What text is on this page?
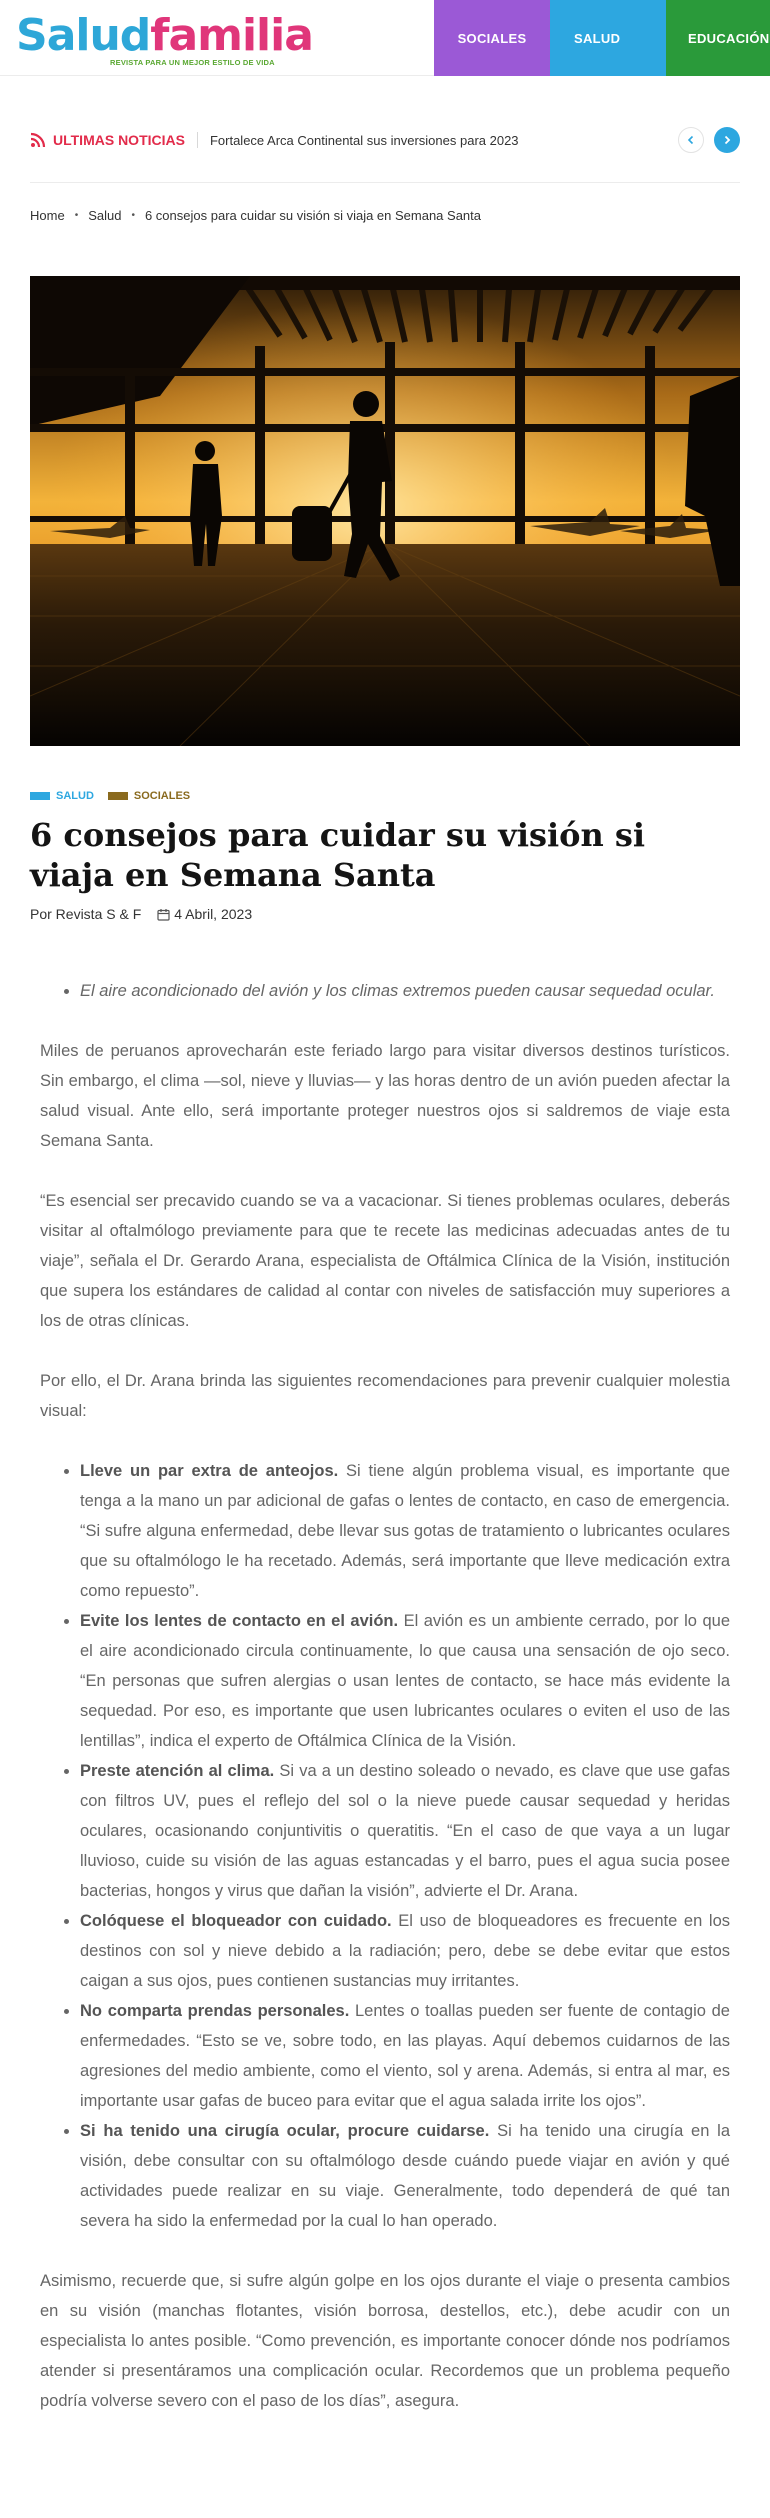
Saludfamilia
REVISTA PARA UN MEJOR ESTILO DE VIDA
SOCIALES	SALUD	EDUCACIÓN
ULTIMAS NOTICIAS Fortalece Arca Continental sus inversiones para 2023
Home • Salud • 6 consejos para cuidar su visión si viaja en Semana Santa
SALUD	SOCIALES
6 consejos para cuidar su visión si viaja en Semana Santa
Por Revista S & F 4 Abril, 2023
• El aire acondicionado del avión y los climas extremos pueden causar sequedad ocular.

Miles de peruanos aprovecharán este feriado largo para visitar diversos destinos turísticos. Sin embargo, el clima —sol, nieve y lluvias— y las horas dentro de un avión pueden afectar la salud visual. Ante ello, será importante proteger nuestros ojos si saldremos de viaje esta Semana Santa.

“Es esencial ser precavido cuando se va a vacacionar. Si tienes problemas oculares, deberás visitar al oftalmólogo previamente para que te recete las medicinas adecuadas antes de tu viaje”, señala el Dr. Gerardo Arana, especialista de Oftálmica Clínica de la Visión, institución que supera los estándares de calidad al contar con niveles de satisfacción muy superiores a los de otras clínicas.

Por ello, el Dr. Arana brinda las siguientes recomendaciones para prevenir cualquier molestia visual:

• Lleve un par extra de anteojos. Si tiene algún problema visual, es importante que tenga a la mano un par adicional de gafas o lentes de contacto, en caso de emergencia. “Si sufre alguna enfermedad, debe llevar sus gotas de tratamiento o lubricantes oculares que su oftalmólogo le ha recetado. Además, será importante que lleve medicación extra como repuesto”.
• Evite los lentes de contacto en el avión. El avión es un ambiente cerrado, por lo que el aire acondicionado circula continuamente, lo que causa una sensación de ojo seco. “En personas que sufren alergias o usan lentes de contacto, se hace más evidente la sequedad. Por eso, es importante que usen lubricantes oculares o eviten el uso de las lentillas”, indica el experto de Oftálmica Clínica de la Visión.
• Preste atención al clima. Si va a un destino soleado o nevado, es clave que use gafas con filtros UV, pues el reflejo del sol o la nieve puede causar sequedad y heridas oculares, ocasionando conjuntivitis o queratitis. “En el caso de que vaya a un lugar lluvioso, cuide su visión de las aguas estancadas y el barro, pues el agua sucia posee bacterias, hongos y virus que dañan la visión”, advierte el Dr. Arana.
• Colóquese el bloqueador con cuidado. El uso de bloqueadores es frecuente en los destinos con sol y nieve debido a la radiación; pero, debe se debe evitar que estos caigan a sus ojos, pues contienen sustancias muy irritantes.
• No comparta prendas personales. Lentes o toallas pueden ser fuente de contagio de enfermedades. “Esto se ve, sobre todo, en las playas. Aquí debemos cuidarnos de las agresiones del medio ambiente, como el viento, sol y arena. Además, si entra al mar, es importante usar gafas de buceo para evitar que el agua salada irrite los ojos”.
• Si ha tenido una cirugía ocular, procure cuidarse. Si ha tenido una cirugía en la visión, debe consultar con su oftalmólogo desde cuándo puede viajar en avión y qué actividades puede realizar en su viaje. Generalmente, todo dependerá de qué tan severa ha sido la enfermedad por la cual lo han operado.

Asimismo, recuerde que, si sufre algún golpe en los ojos durante el viaje o presenta cambios en su visión (manchas flotantes, visión borrosa, destellos, etc.), debe acudir con un especialista lo antes posible. “Como prevención, es importante conocer dónde nos podríamos atender si presentáramos una complicación ocular. Recordemos que un problema pequeño podría volverse severo con el paso de los días”, asegura.
